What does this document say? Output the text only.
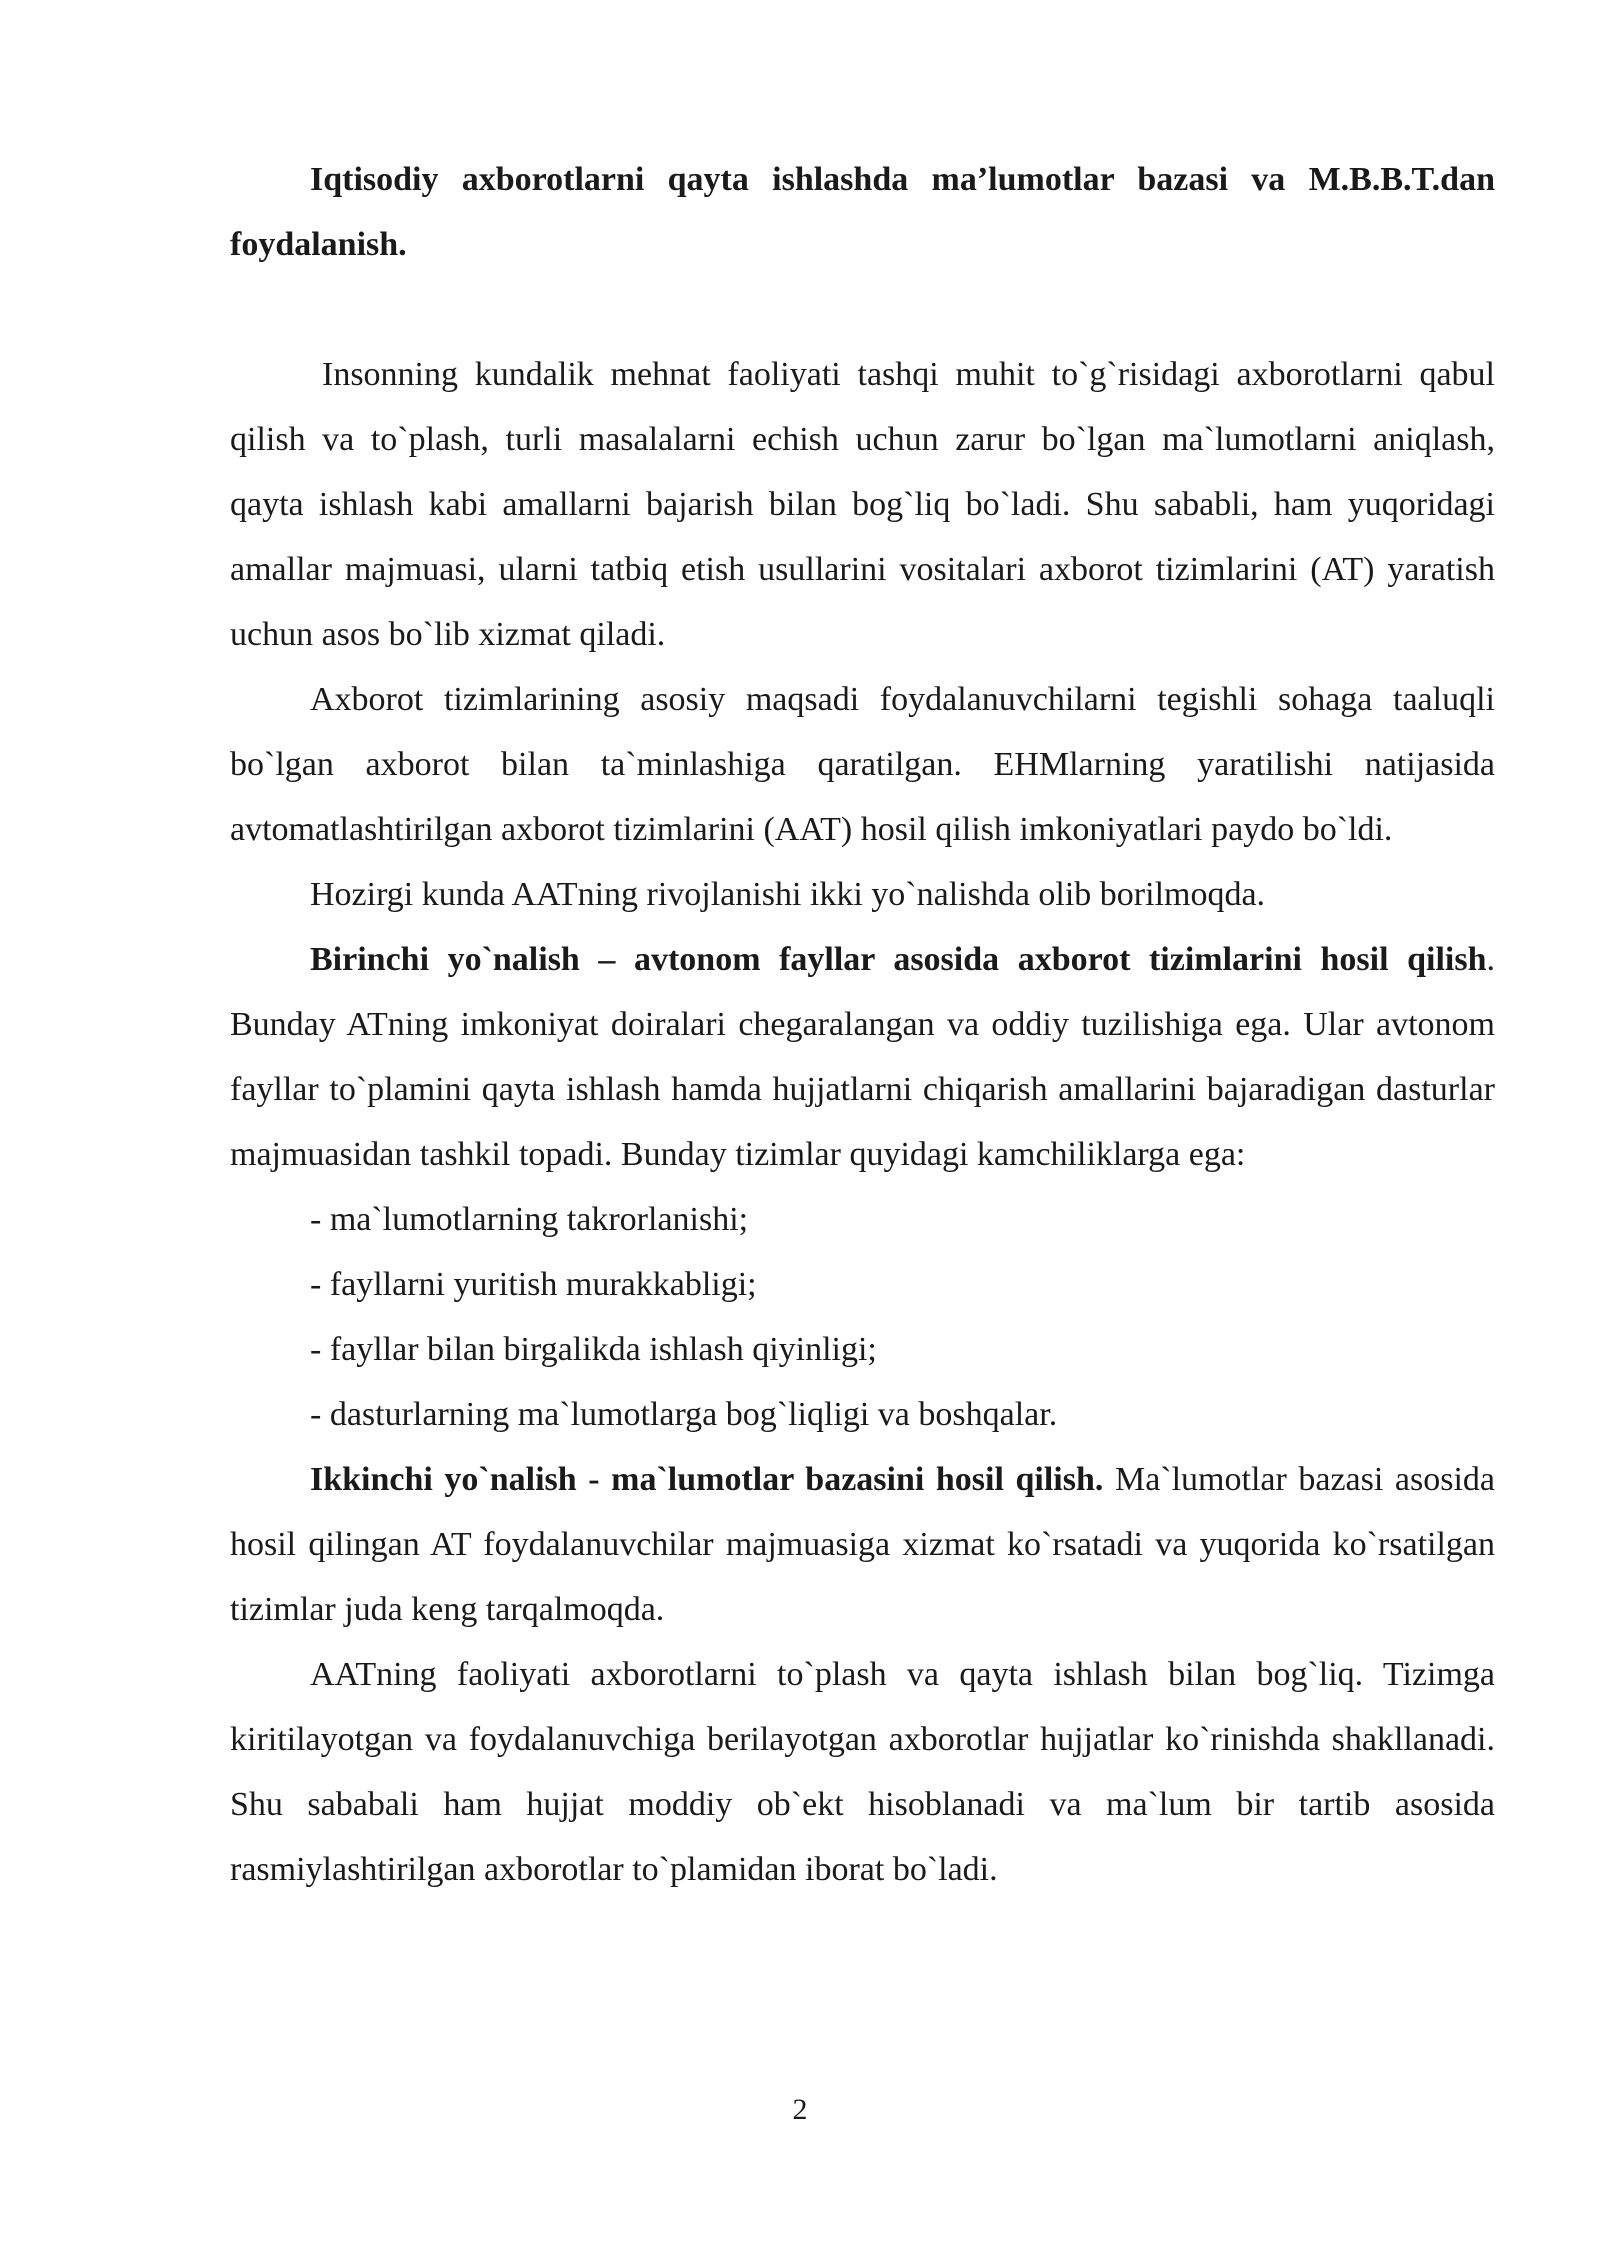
Iqtisodiy axborotlarni qayta ishlashda ma’lumotlar bazasi va M.B.B.T.dan foydalanish.

Insonning kundalik mehnat faoliyati tashqi muhit to`g`risidagi axborotlarni qabul qilish va to`plash, turli masalalarni echish uchun zarur bo`lgan ma`lumotlarni aniqlash, qayta ishlash kabi amallarni bajarish bilan bog`liq bo`ladi. Shu sababli, ham yuqoridagi amallar majmuasi, ularni tatbiq etish usullarini vositalari axborot tizimlarini (AT) yaratish uchun asos bo`lib xizmat qiladi.

Axborot tizimlarining asosiy maqsadi foydalanuvchilarni tegishli sohaga taaluqli bo`lgan axborot bilan ta`minlashiga qaratilgan. EHMlarning yaratilishi natijasida avtomatlashtirilgan axborot tizimlarini (AAT) hosil qilish imkoniyatlari paydo bo`ldi.

Hozirgi kunda AATning rivojlanishi ikki yo`nalishda olib borilmoqda.

Birinchi yo`nalish – avtonom fayllar asosida axborot tizimlarini hosil qilish. Bunday ATning imkoniyat doiralari chegaralangan va oddiy tuzilishiga ega. Ular avtonom fayllar to`plamini qayta ishlash hamda hujjatlarni chiqarish amallarini bajaradigan dasturlar majmuasidan tashkil topadi. Bunday tizimlar quyidagi kamchiliklarga ega:

- ma`lumotlarning takrorlanishi;

- fayllarni yuritish murakkabligi;

- fayllar bilan birgalikda ishlash qiyinligi;

- dasturlarning ma`lumotlarga bog`liqligi va boshqalar.

Ikkinchi yo`nalish - ma`lumotlar bazasini hosil qilish. Ma`lumotlar bazasi asosida hosil qilingan AT foydalanuvchilar majmuasiga xizmat ko`rsatadi va yuqorida ko`rsatilgan tizimlar juda keng tarqalmoqda.

AATning faoliyati axborotlarni to`plash va qayta ishlash bilan bog`liq. Tizimga kiritilayotgan va foydalanuvchiga berilayotgan axborotlar hujjatlar ko`rinishda shakllanadi. Shu sababali ham hujjat moddiy ob`ekt hisoblanadi va ma`lum bir tartib asosida rasmiylashtirilgan axborotlar to`plamidan iborat bo`ladi.

2
